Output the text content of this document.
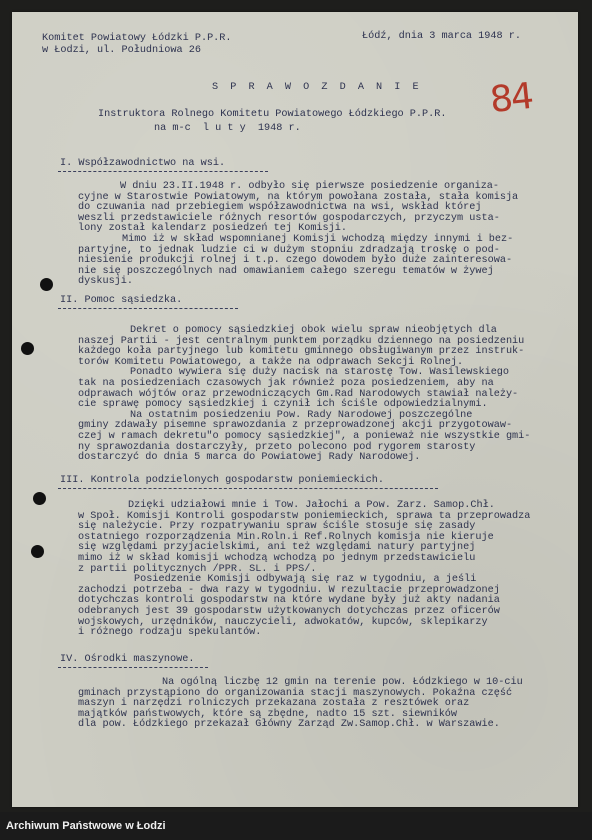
Komitet Powiatowy Łódzki P.P.R.
w Łodzi, ul. Południowa 26
Łódź, dnia 3 marca 1948 r.
84
S P R A W O Z D A N I E
Instruktora Rolnego Komitetu Powiatowego Łódzkiego P.P.R.
na m-c  l u t y  1948 r.
I. Współzawodnictwo na wsi.
W dniu 23.II.1948 r. odbyło się pierwsze posiedzenie organiza-
cyjne w Starostwie Powiatowym, na którym powołana została, stała komisja
do czuwania nad przebiegiem współzawodnictwa na wsi, wskład której
weszli przedstawiciele różnych resortów gospodarczych, przyczym usta-
lony został kalendarz posiedzeń tej Komisji.
Mimo iż w skład wspomnianej Komisji wchodzą między innymi i bez-
partyjne, to jednak ludzie ci w dużym stopniu zdradzają troskę o pod-
niesienie produkcji rolnej i t.p. czego dowodem było duże zainteresowa-
nie się poszczególnych nad omawianiem całego szeregu tematów w żywej
dyskusji.
II. Pomoc sąsiedzka.
Dekret o pomocy sąsiedzkiej obok wielu spraw nieobjętych dla
naszej Partii - jest centralnym punktem porządku dziennego na posiedzeniu
każdego koła partyjnego lub komitetu gminnego obsługiwanym przez instruk-
torów Komitetu Powiatowego, a także na odprawach Sekcji Rolnej.
Ponadto wywiera się duży nacisk na starostę Tow. Wasilewskiego
tak na posiedzeniach czasowych jak również poza posiedzeniem, aby na
odprawach wójtów oraz przewodniczących Gm.Rad Narodowych stawiał należy-
cie sprawę pomocy sąsiedzkiej i czynił ich ściśle odpowiedzialnymi.
Na ostatnim posiedzeniu Pow. Rady Narodowej poszczególne
gminy zdawały pisemne sprawozdania z przeprowadzonej akcji przygotowaw-
czej w ramach dekretu"o pomocy sąsiedzkiej", a ponieważ nie wszystkie gmi-
ny sprawozdania dostarczyły, przeto polecono pod rygorem starosty
dostarczyć do dnia 5 marca do Powiatowej Rady Narodowej.
III. Kontrola podzielonych gospodarstw poniemieckich.
Dzięki udziałowi mnie i Tow. Jałochi a Pow. Zarz. Samop.Chł.
w Społ. Komisji Kontroli gospodarstw poniemieckich, sprawa ta przeprowadza
się należycie. Przy rozpatrywaniu spraw ściśle stosuje się zasady
ostatniego rozporządzenia Min.Roln.i Ref.Rolnych komisja nie kieruje
się względami przyjacielskimi, ani też względami natury partyjnej
mimo iż w skład komisji wchodzą wchodzą po jednym przedstawicielu
z partii politycznych /PPR. SL. i PPS/.
Posiedzenie Komisji odbywają się raz w tygodniu, a jeśli
zachodzi potrzeba - dwa razy w tygodniu. W rezultacie przeprowadzonej
dotychczas kontroli gospodarstw na które wydane były już akty nadania
odebranych jest 39 gospodarstw użytkowanych dotychczas przez oficerów
wojskowych, urzędników, nauczycieli, adwokatów, kupców, sklepikarzy
i różnego rodzaju spekulantów.
IV. Ośrodki maszynowe.
Na ogólną liczbę 12 gmin na terenie pow. Łódzkiego w 10-ciu
gminach przystąpiono do organizowania stacji maszynowych. Pokaźna część
maszyn i narzędzi rolniczych przekazana została z resztówek oraz
majątków państwowych, które są zbędne, nadto 15 szt. siewników
dla pow. Łódzkiego przekazał Główny Zarząd Zw.Samop.Chł. w Warszawie.
Archiwum Państwowe w Łodzi
